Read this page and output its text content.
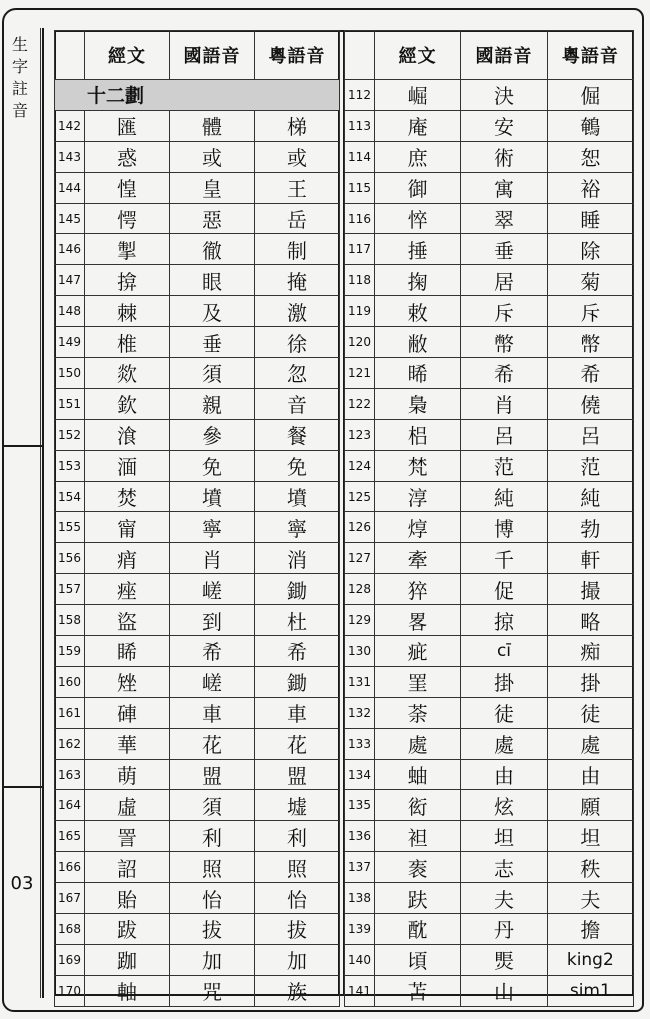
生
字
註
音
03
	經文	國語音	粵語音
十二劃			
142	匯	體	梯
143	惑	或	或
144	惶	皇	王
145	愕	惡	岳
146	掣	徹	制
147	揜	眼	掩
148	棘	及	激
149	椎	垂	徐
150	欻	須	忽
151	欽	親	音
152	湌	參	餐
153	湎	免	免
154	焚	墳	墳
155	甯	寧	寧
156	痟	肖	消
157	痤	嵯	鋤
158	盜	到	杜
159	睎	希	希
160	矬	嵯	鋤
161	硨	車	車
162	華	花	花
163	萌	盟	盟
164	虛	須	墟
165	詈	利	利
166	詔	照	照
167	貽	怡	怡
168	跋	拔	拔
169	跏	加	加
170	軸	咒	族
	經文	國語音	粵語音
112	崛	決	倔
113	庵	安	鵪
114	庶	術	恕
115	御	寓	裕
116	悴	翠	睡
117	捶	垂	除
118	掬	居	菊
119	敕	斥	斥
120	敝	幣	幣
121	晞	希	希
122	梟	肖	僥
123	梠	呂	呂
124	梵	范	范
125	淳	純	純
126	焞	博	勃
127	牽	千	軒
128	猝	促	撮
129	畧	掠	略
130	疵	cī	痴
131	罣	掛	掛
132	荼	徒	徒
133	處	處	處
134	蚰	由	由
135	衒	炫	願
136	袒	坦	坦
137	袠	志	秩
138	趺	夫	夫
139	酖	丹	擔
140	頃	㷡	king2
141	苫	山	sim1
